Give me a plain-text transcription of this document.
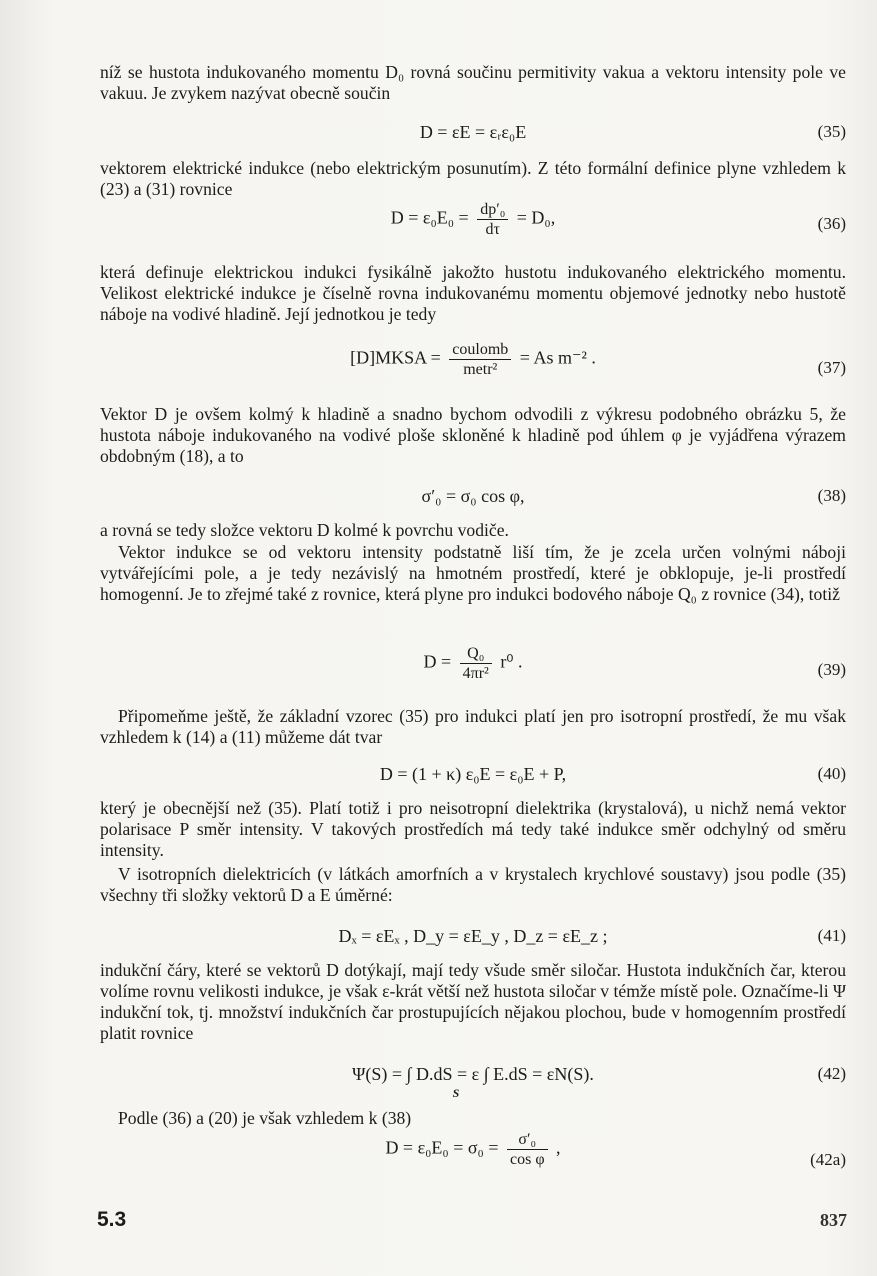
níž se hustota indukovaného momentu D₀ rovná součinu permitivity vakua a vektoru intensity pole ve vakuu. Je zvykem nazývat obecně součin
D = εE = εᵣε₀E	(35)
vektorem elektrické indukce (nebo elektrickým posunutím). Z této formální definice plyne vzhledem k (23) a (31) rovnice
$D = \varepsilon_0E_0 = \frac{\text{dp′₀}}{d\tau} = D_0$,	(36)
která definuje elektrickou indukci fysikálně jakožto hustotu indukovaného elektrického momentu. Velikost elektrické indukce je číselně rovna indukovanému momentu objemové jednotky nebo hustotě náboje na vodivé hladině. Její jednotkou je tedy
[D]MKSA = $\frac{\text{coulomb}}{\text{metr²}} = As$ m⁻² .	(37)
Vektor D je ovšem kolmý k hladině a snadno bychom odvodili z výkresu podobného obrázku 5, že hustota náboje indukovaného na vodivé ploše skloněné k hladině pod úhlem φ je vyjádřena výrazem obdobným (18), a to
σ′₀ = σ₀ cos φ,	(38)
a rovná se tedy složce vektoru D kolmé k povrchu vodiče.
Vektor indukce se od vektoru intensity podstatně liší tím, že je zcela určen volnými náboji vytvářejícími pole, a je tedy nezávislý na hmotném prostředí, které je obklopuje, je-li prostředí homogenní. Je to zřejmé také z rovnice, která plyne pro indukci bodového náboje Q₀ z rovnice (34), totiž
$D = \frac{\text{Q₀}}{\text{4πr²}} r^0$ .	(39)
Připomeňme ještě, že základní vzorec (35) pro indukci platí jen pro isotropní prostředí, že mu však vzhledem k (14) a (11) můžeme dát tvar
D = (1 + κ) ε₀E = ε₀E + P,	(40)
který je obecnější než (35). Platí totiž i pro neisotropní dielektrika (krystalová), u nichž nemá vektor polarisace P směr intensity. V takových prostředích má tedy také indukce směr odchylný od směru intensity.
V isotropních dielektricích (v látkách amorfních a v krystalech krychlové soustavy) jsou podle (35) všechny tři složky vektorů D a E úměrné:
Dₓ = εEₓ , D_y = εE_y , D_z = εE_z ;	(41)
indukční čáry, které se vektorů D dotýkají, mají tedy všude směr siločar. Hustota indukčních čar, kterou volíme rovnu velikosti indukce, je však ε-krát větší než hustota siločar v témže místě pole. Označíme-li Ψ indukční tok, tj. množství indukčních čar prostupujících nějakou plochou, bude v homogenním prostředí platit rovnice
Ψ(S) = ∫ D.dS = ε ∫ E.dS = εN(S).
S
(42)
Podle (36) a (20) je však vzhledem k (38)
$D = \varepsilon_0E_0 = \sigma_0 = \frac{\text{σ′₀}}{\text{cos φ}}$ ,
(42a)
5.3	837
